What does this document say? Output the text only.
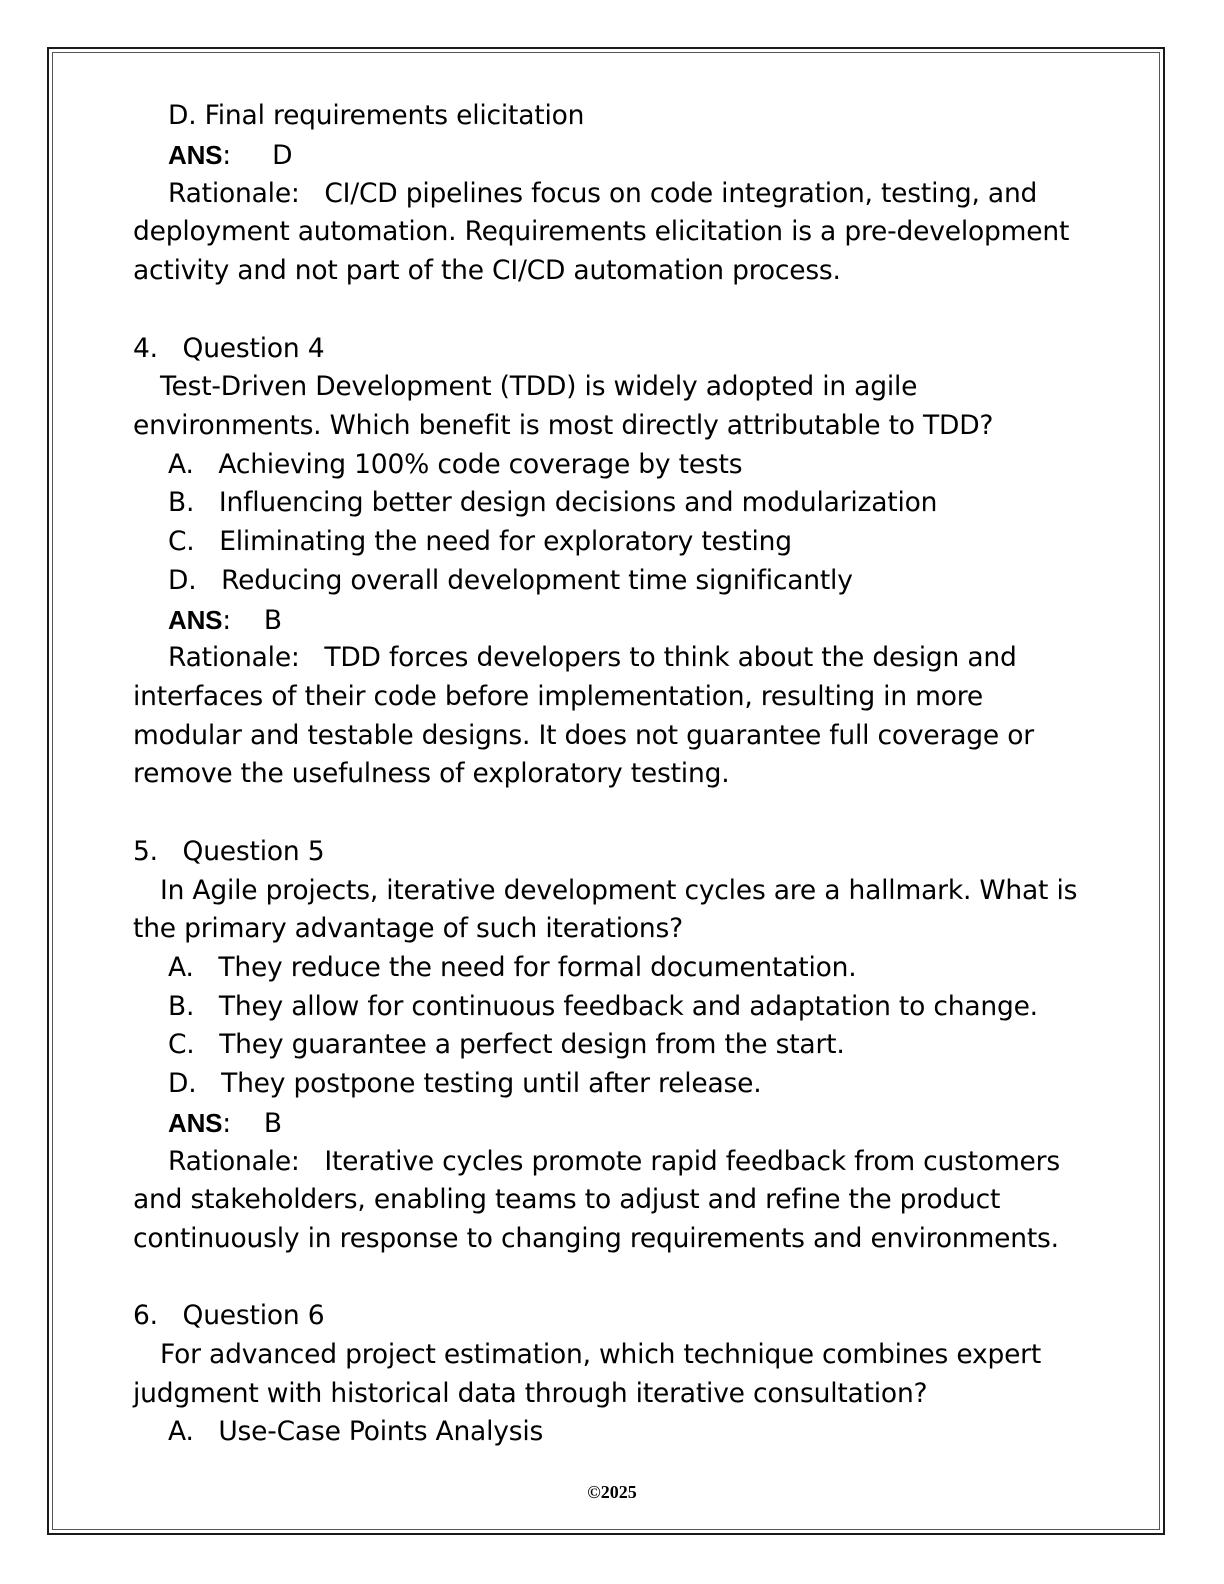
D. Final requirements elicitation
ANS:     D
Rationale:   CI/CD pipelines focus on code integration, testing, and
deployment automation. Requirements elicitation is a pre-development
activity and not part of the CI/CD automation process.
4.   Question 4
Test-Driven Development (TDD) is widely adopted in agile
environments. Which benefit is most directly attributable to TDD?
A.   Achieving 100% code coverage by tests
B.   Influencing better design decisions and modularization
C.   Eliminating the need for exploratory testing
D.   Reducing overall development time significantly
ANS:    B
Rationale:   TDD forces developers to think about the design and
interfaces of their code before implementation, resulting in more
modular and testable designs. It does not guarantee full coverage or
remove the usefulness of exploratory testing.
5.   Question 5
In Agile projects, iterative development cycles are a hallmark. What is
the primary advantage of such iterations?
A.   They reduce the need for formal documentation.
B.   They allow for continuous feedback and adaptation to change.
C.   They guarantee a perfect design from the start.
D.   They postpone testing until after release.
ANS:    B
Rationale:   Iterative cycles promote rapid feedback from customers
and stakeholders, enabling teams to adjust and refine the product
continuously in response to changing requirements and environments.
6.   Question 6
For advanced project estimation, which technique combines expert
judgment with historical data through iterative consultation?
A.   Use-Case Points Analysis
©2025
